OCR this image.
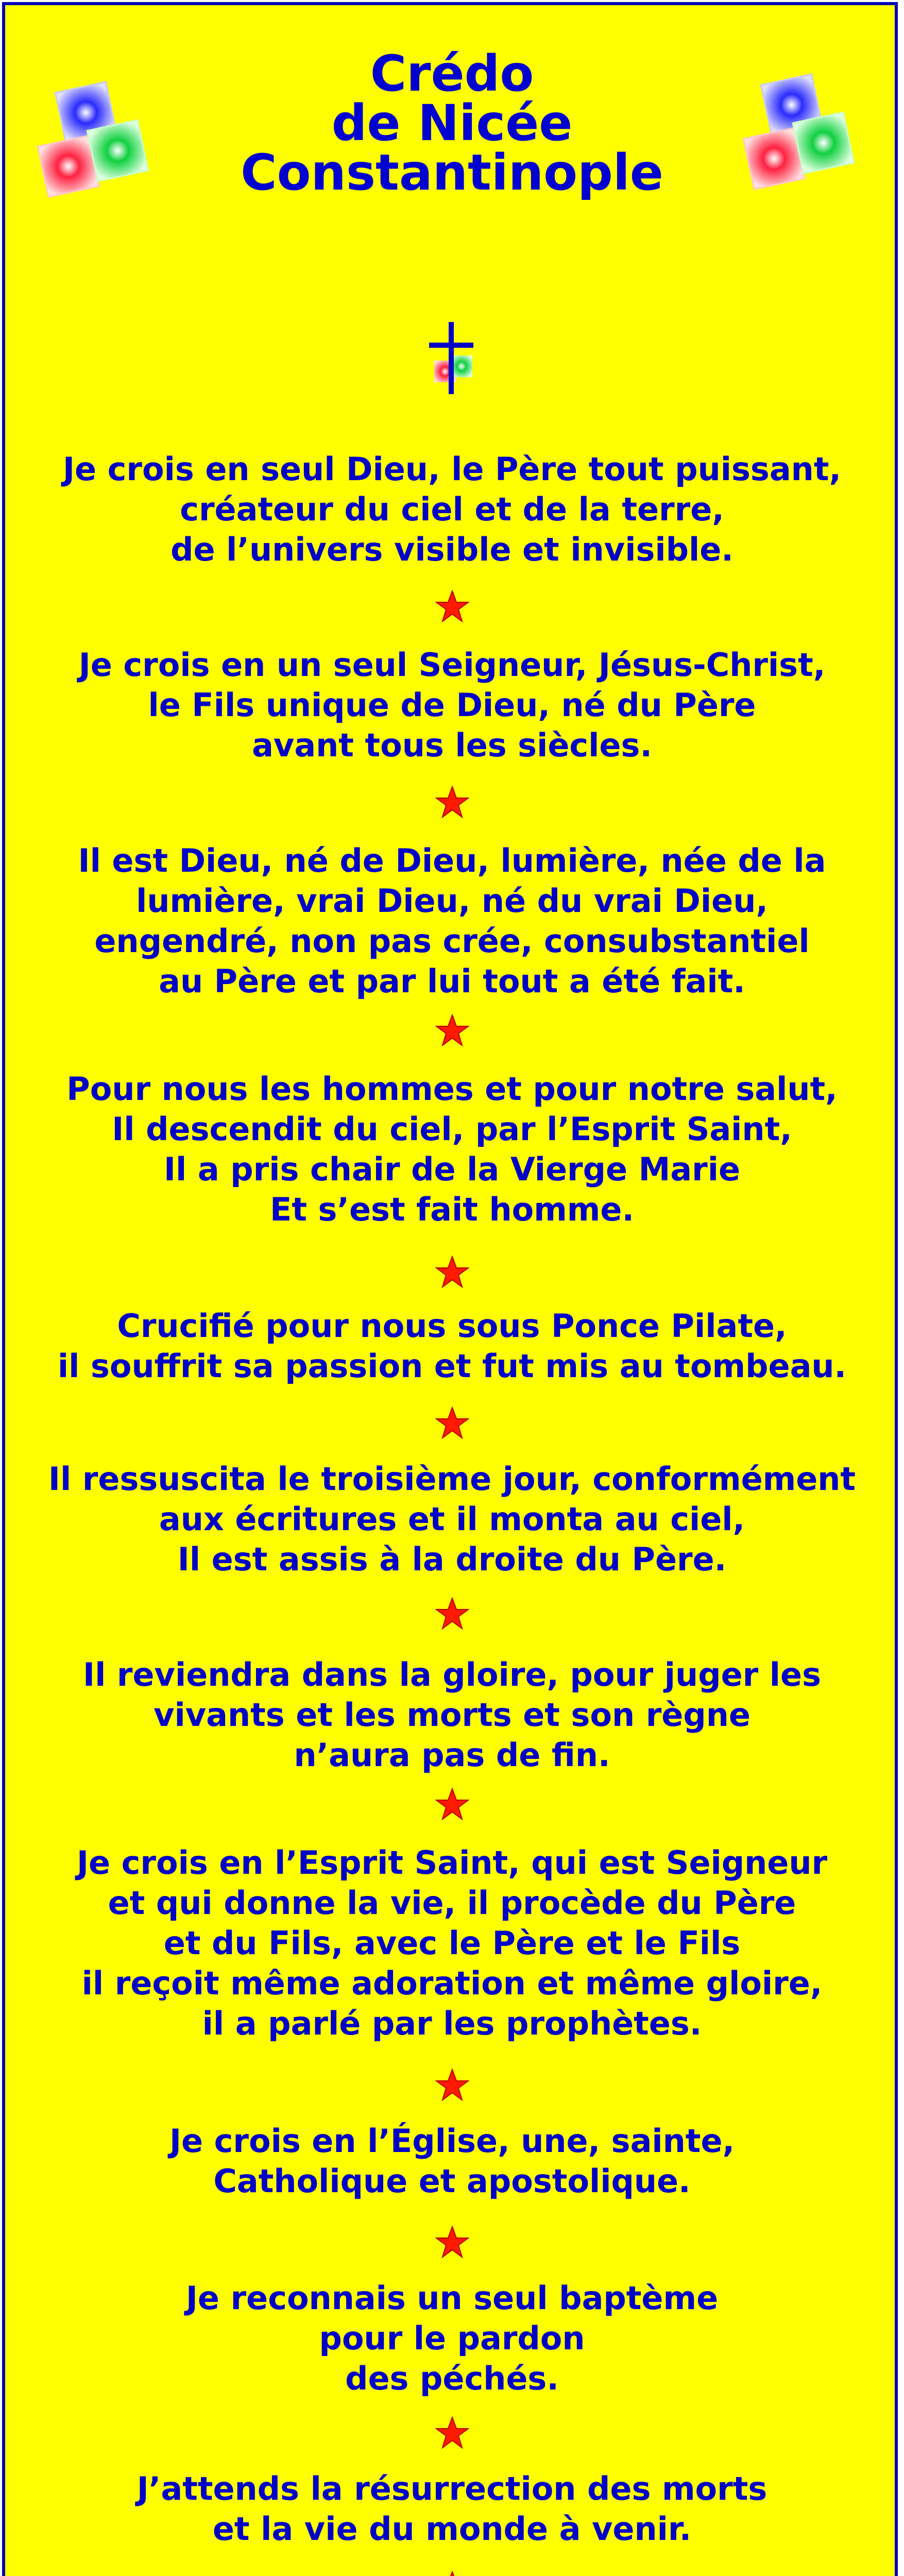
Crédo
de Nicée
Constantinople
Je crois en seul Dieu, le Père tout puissant,
créateur du ciel et de la terre,
de l’univers visible et invisible.
Je crois en un seul Seigneur, Jésus-Christ,
le Fils unique de Dieu, né du Père
avant tous les siècles.
Il est Dieu, né de Dieu, lumière, née de la
lumière, vrai Dieu, né du vrai Dieu,
engendré, non pas crée, consubstantiel
au Père et par lui tout a été fait.
Pour nous les hommes et pour notre salut,
Il descendit du ciel, par l’Esprit Saint,
Il a pris chair de la Vierge Marie
Et s’est fait homme.
Crucifié pour nous sous Ponce Pilate,
il souffrit sa passion et fut mis au tombeau.
Il ressuscita le troisième jour, conformément
aux écritures et il monta au ciel,
Il est assis à la droite du Père.
Il reviendra dans la gloire, pour juger les
vivants et les morts et son règne
n’aura pas de fin.
Je crois en l’Esprit Saint, qui est Seigneur
et qui donne la vie, il procède du Père
et du Fils, avec le Père et le Fils
il reçoit même adoration et même gloire,
il a parlé par les prophètes.
Je crois en l’Église, une, sainte,
Catholique et apostolique.
Je reconnais un seul baptème
pour le pardon
des péchés.
J’attends la résurrection des morts
et la vie du monde à venir.
